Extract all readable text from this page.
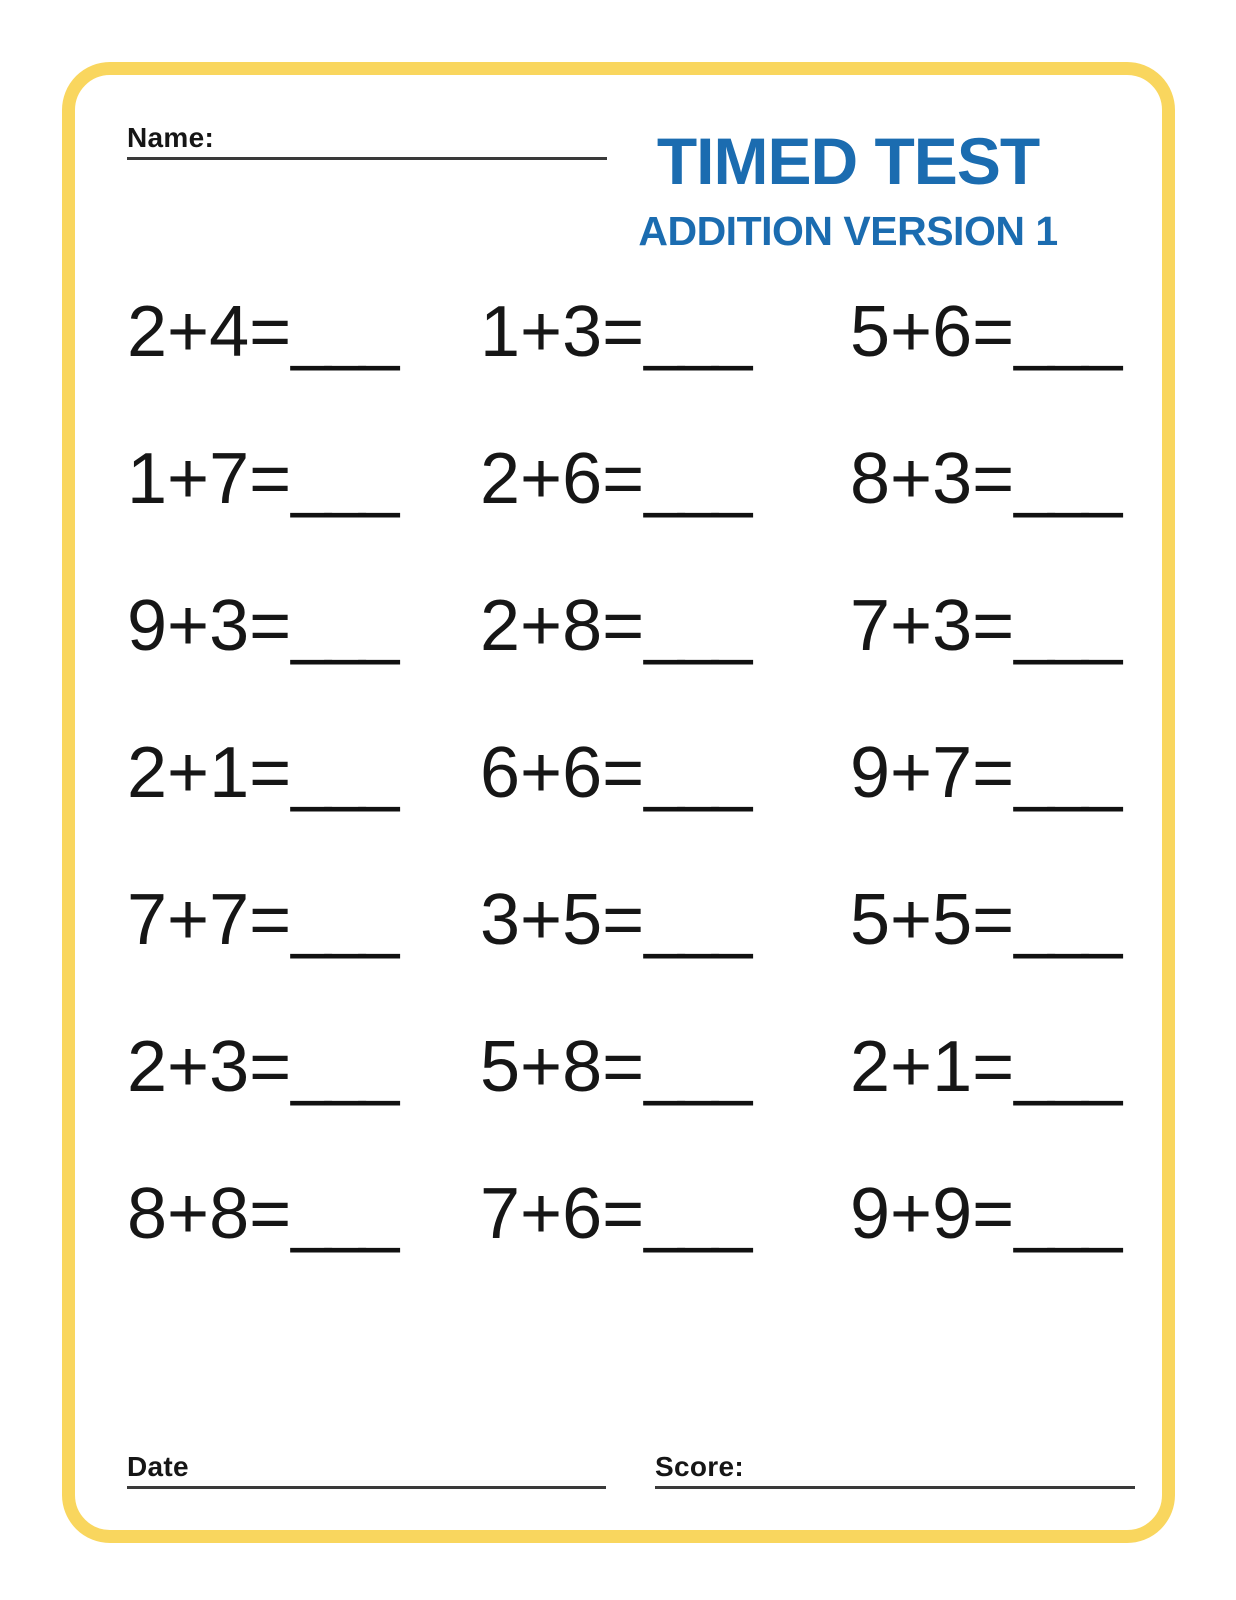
Name:	TIMED TEST
ADDITION VERSION 1
2+4=___	1+3=___	5+6=___
1+7=___	2+6=___	8+3=___
9+3=___	2+8=___	7+3=___
2+1=___	6+6=___	9+7=___
7+7=___	3+5=___	5+5=___
2+3=___	5+8=___	2+1=___
8+8=___	7+6=___	9+9=___
Date	Score:
